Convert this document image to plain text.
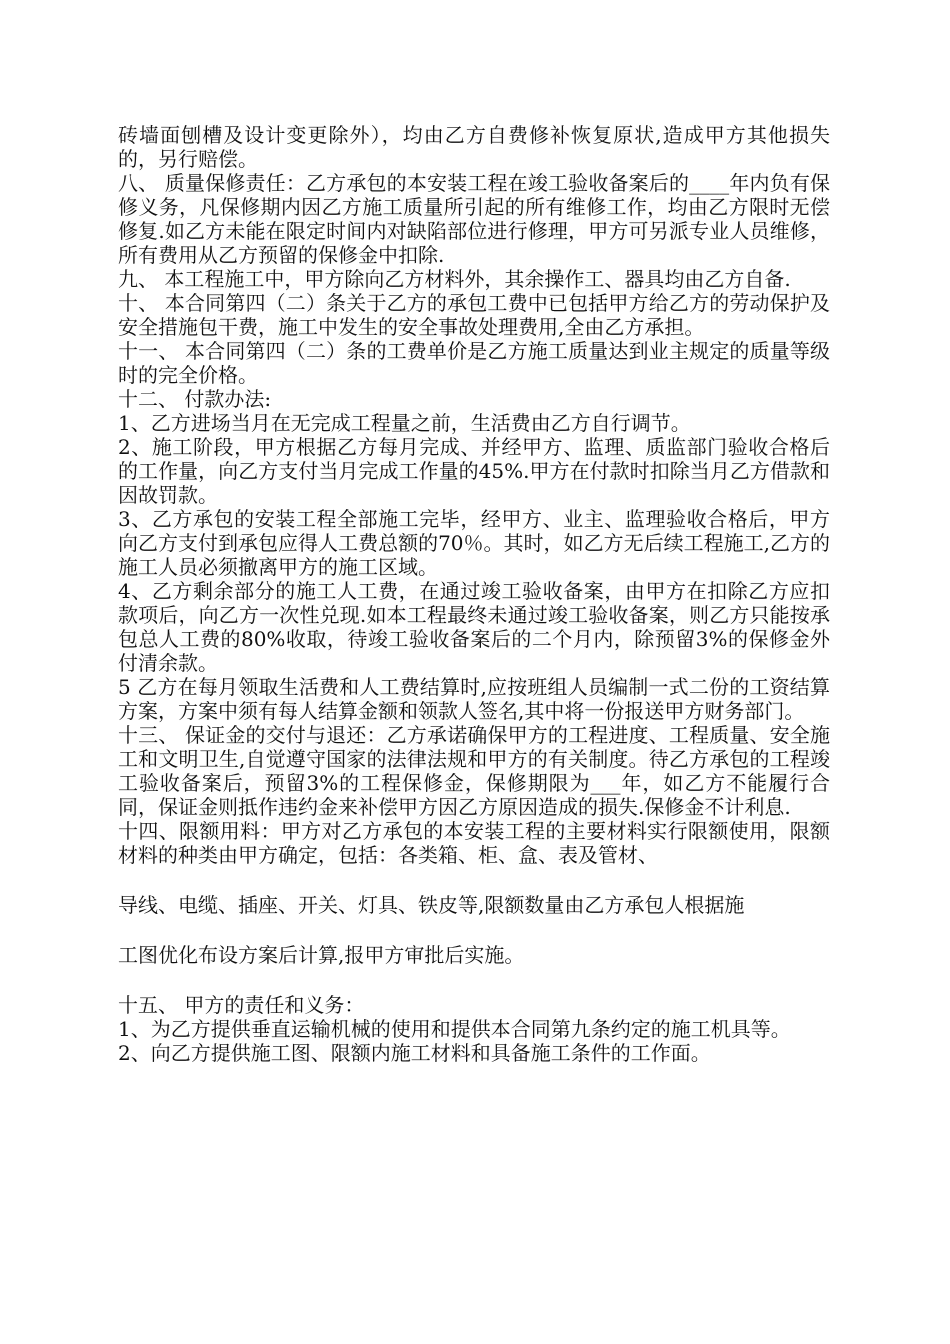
砖墙面刨槽及设计变更除外），均由乙方自费修补恢复原状,造成甲方其他损失的，另行赔偿。

八、 质量保修责任：乙方承包的本安装工程在竣工验收备案后的____年内负有保修义务，凡保修期内因乙方施工质量所引起的所有维修工作，均由乙方限时无偿修复.如乙方未能在限定时间内对缺陷部位进行修理，甲方可另派专业人员维修，所有费用从乙方预留的保修金中扣除.

九、 本工程施工中，甲方除向乙方材料外，其余操作工、器具均由乙方自备.

十、 本合同第四（二）条关于乙方的承包工费中已包括甲方给乙方的劳动保护及安全措施包干费，施工中发生的安全事故处理费用,全由乙方承担。

十一、 本合同第四（二）条的工费单价是乙方施工质量达到业主规定的质量等级时的完全价格。

十二、 付款办法:

1、乙方进场当月在无完成工程量之前，生活费由乙方自行调节。

2、施工阶段，甲方根据乙方每月完成、并经甲方、监理、质监部门验收合格后的工作量，向乙方支付当月完成工作量的45%.甲方在付款时扣除当月乙方借款和因故罚款。

3、乙方承包的安装工程全部施工完毕，经甲方、业主、监理验收合格后，甲方向乙方支付到承包应得人工费总额的70％。其时，如乙方无后续工程施工,乙方的施工人员必须撤离甲方的施工区域。

4、乙方剩余部分的施工人工费，在通过竣工验收备案，由甲方在扣除乙方应扣款项后，向乙方一次性兑现.如本工程最终未通过竣工验收备案，则乙方只能按承包总人工费的80%收取，待竣工验收备案后的二个月内，除预留3%的保修金外付清余款。

5 乙方在每月领取生活费和人工费结算时,应按班组人员编制一式二份的工资结算方案，方案中须有每人结算金额和领款人签名,其中将一份报送甲方财务部门。

十三、 保证金的交付与退还：乙方承诺确保甲方的工程进度、工程质量、安全施工和文明卫生,自觉遵守国家的法律法规和甲方的有关制度。待乙方承包的工程竣工验收备案后，预留3%的工程保修金，保修期限为___年，如乙方不能履行合同，保证金则抵作违约金来补偿甲方因乙方原因造成的损失.保修金不计利息.

十四、限额用料：甲方对乙方承包的本安装工程的主要材料实行限额使用，限额材料的种类由甲方确定，包括：各类箱、柜、盒、表及管材、

导线、电缆、插座、开关、灯具、铁皮等,限额数量由乙方承包人根据施

工图优化布设方案后计算,报甲方审批后实施。

十五、 甲方的责任和义务：

1、为乙方提供垂直运输机械的使用和提供本合同第九条约定的施工机具等。

2、向乙方提供施工图、限额内施工材料和具备施工条件的工作面。
